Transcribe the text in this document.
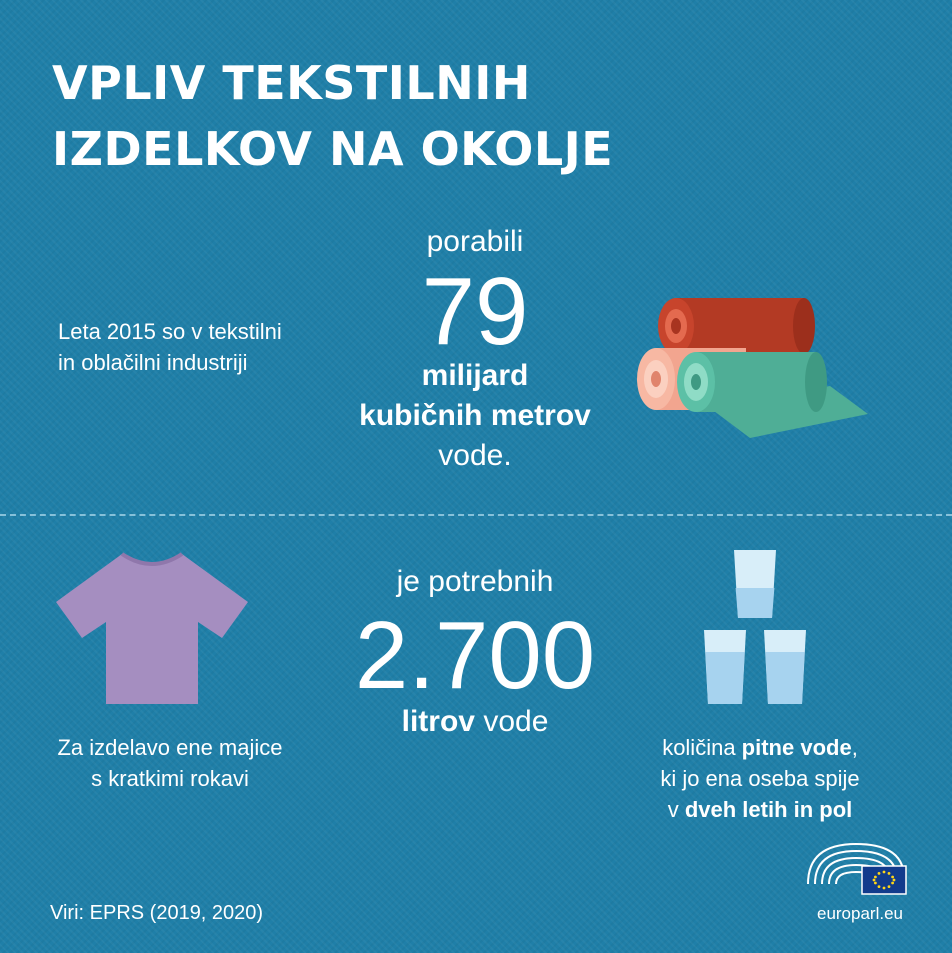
VPLIV TEKSTILNIH
IZDELKOV NA OKOLJE
Leta 2015 so v tekstilni
in oblačilni industriji
porabili
79
milijard
kubičnih metrov
vode.
Za izdelavo ene majice
s kratkimi rokavi
je potrebnih
2.700
litrov vode
količina pitne vode,
ki jo ena oseba spije
v dveh letih in pol
Viri: EPRS (2019, 2020)	europarl.eu
